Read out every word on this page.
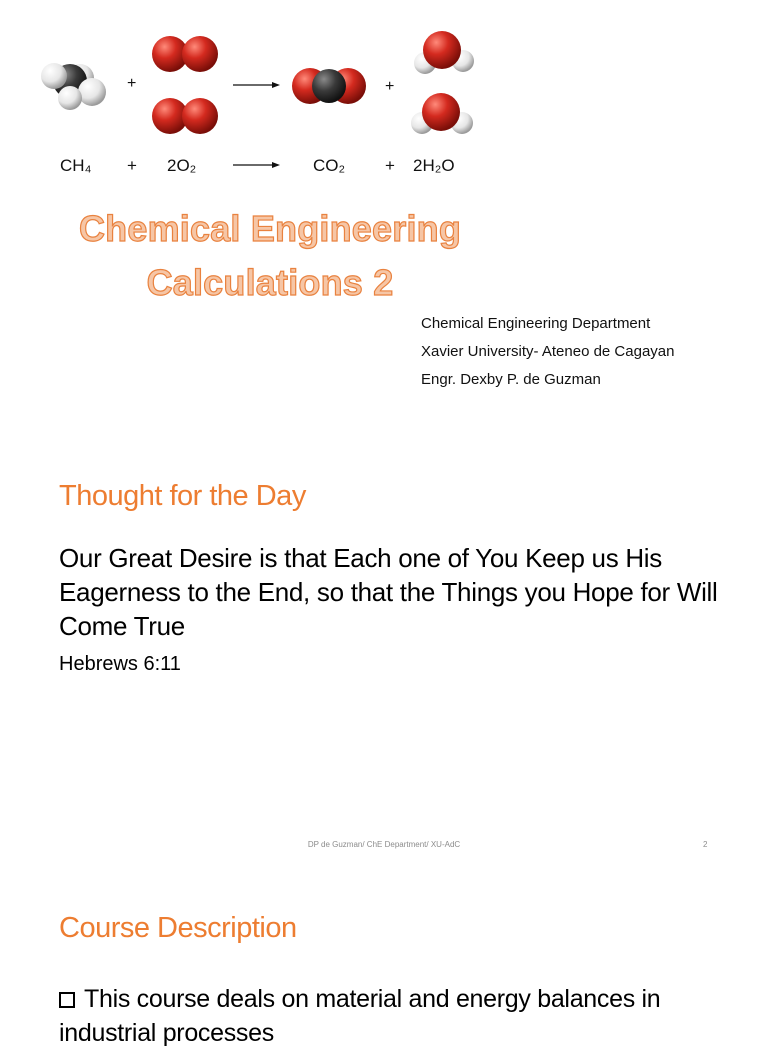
+	+
CH₄ + 2O₂	CO₂ + 2H₂O
Chemical Engineering
Calculations 2
Chemical Engineering Department
Xavier University- Ateneo de Cagayan
Engr. Dexby P. de Guzman
Thought for the Day
Our Great Desire is that Each one of You Keep us His Eagerness to the End, so that the Things you Hope for Will Come True
Hebrews 6:11
DP de Guzman/ ChE Department/ XU-AdC	2
Course Description
This course deals on material and energy balances in industrial processes
